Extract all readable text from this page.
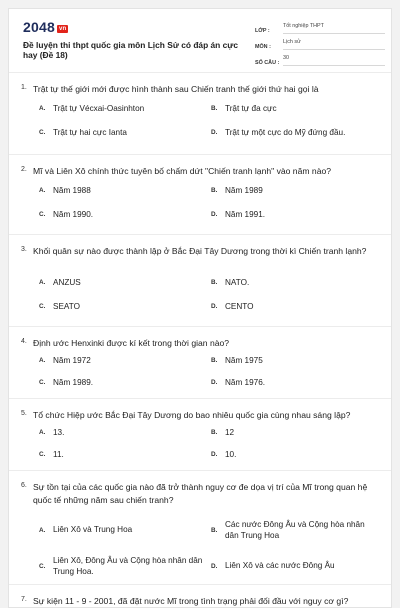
2048 vn
Đề luyện thi thpt quốc gia môn Lịch Sử có đáp án cực hay (Đề 18)
LỚP :
Tốt nghiệp THPT
MÔN :
Lịch sử
SỐ CÂU :
30
1. Trật tự thế giới mới được hình thành sau Chiến tranh thế giới thứ hai gọi là
A. Trật tự Vécxai-Oasinhton	B. Trật tự đa cực
C. Trật tự hai cực Ianta	D. Trật tự một cực do Mỹ đứng đầu.
2. Mĩ và Liên Xô chính thức tuyên bố chấm dứt "Chiến tranh lạnh" vào năm nào?
A. Năm 1988	B. Năm 1989
C. Năm 1990.	D. Năm 1991.
3. Khối quân sự nào được thành lập ở Bắc Đại Tây Dương trong thời kì Chiến tranh lạnh?
A. ANZUS	B. NATO.
C. SEATO	D. CENTO
4. Định ước Henxinki được kí kết trong thời gian nào?
A. Năm 1972	B. Năm 1975
C. Năm 1989.	D. Năm 1976.
5. Tổ chức Hiệp ước Bắc Đại Tây Dương do bao nhiêu quốc gia cùng nhau sáng lập?
A. 13.	B. 12
C. 11.	D. 10.
6. Sự tồn tại của các quốc gia nào đã trở thành nguy cơ đe dọa vị trí của Mĩ trong quan hệ quốc tế những năm sau chiến tranh?
A. Liên Xô và Trung Hoa	B.
Các nước Đông Âu và Cộng hòa nhân dân Trung Hoa
C.
Liên Xô, Đông Âu và Cộng hòa nhân dân Trung Hoa.
D. Liên Xô và các nước Đông Âu
7. Sự kiện 11 - 9 - 2001, đã đặt nước Mĩ trong tình trạng phải đối đầu với nguy cơ gì?
